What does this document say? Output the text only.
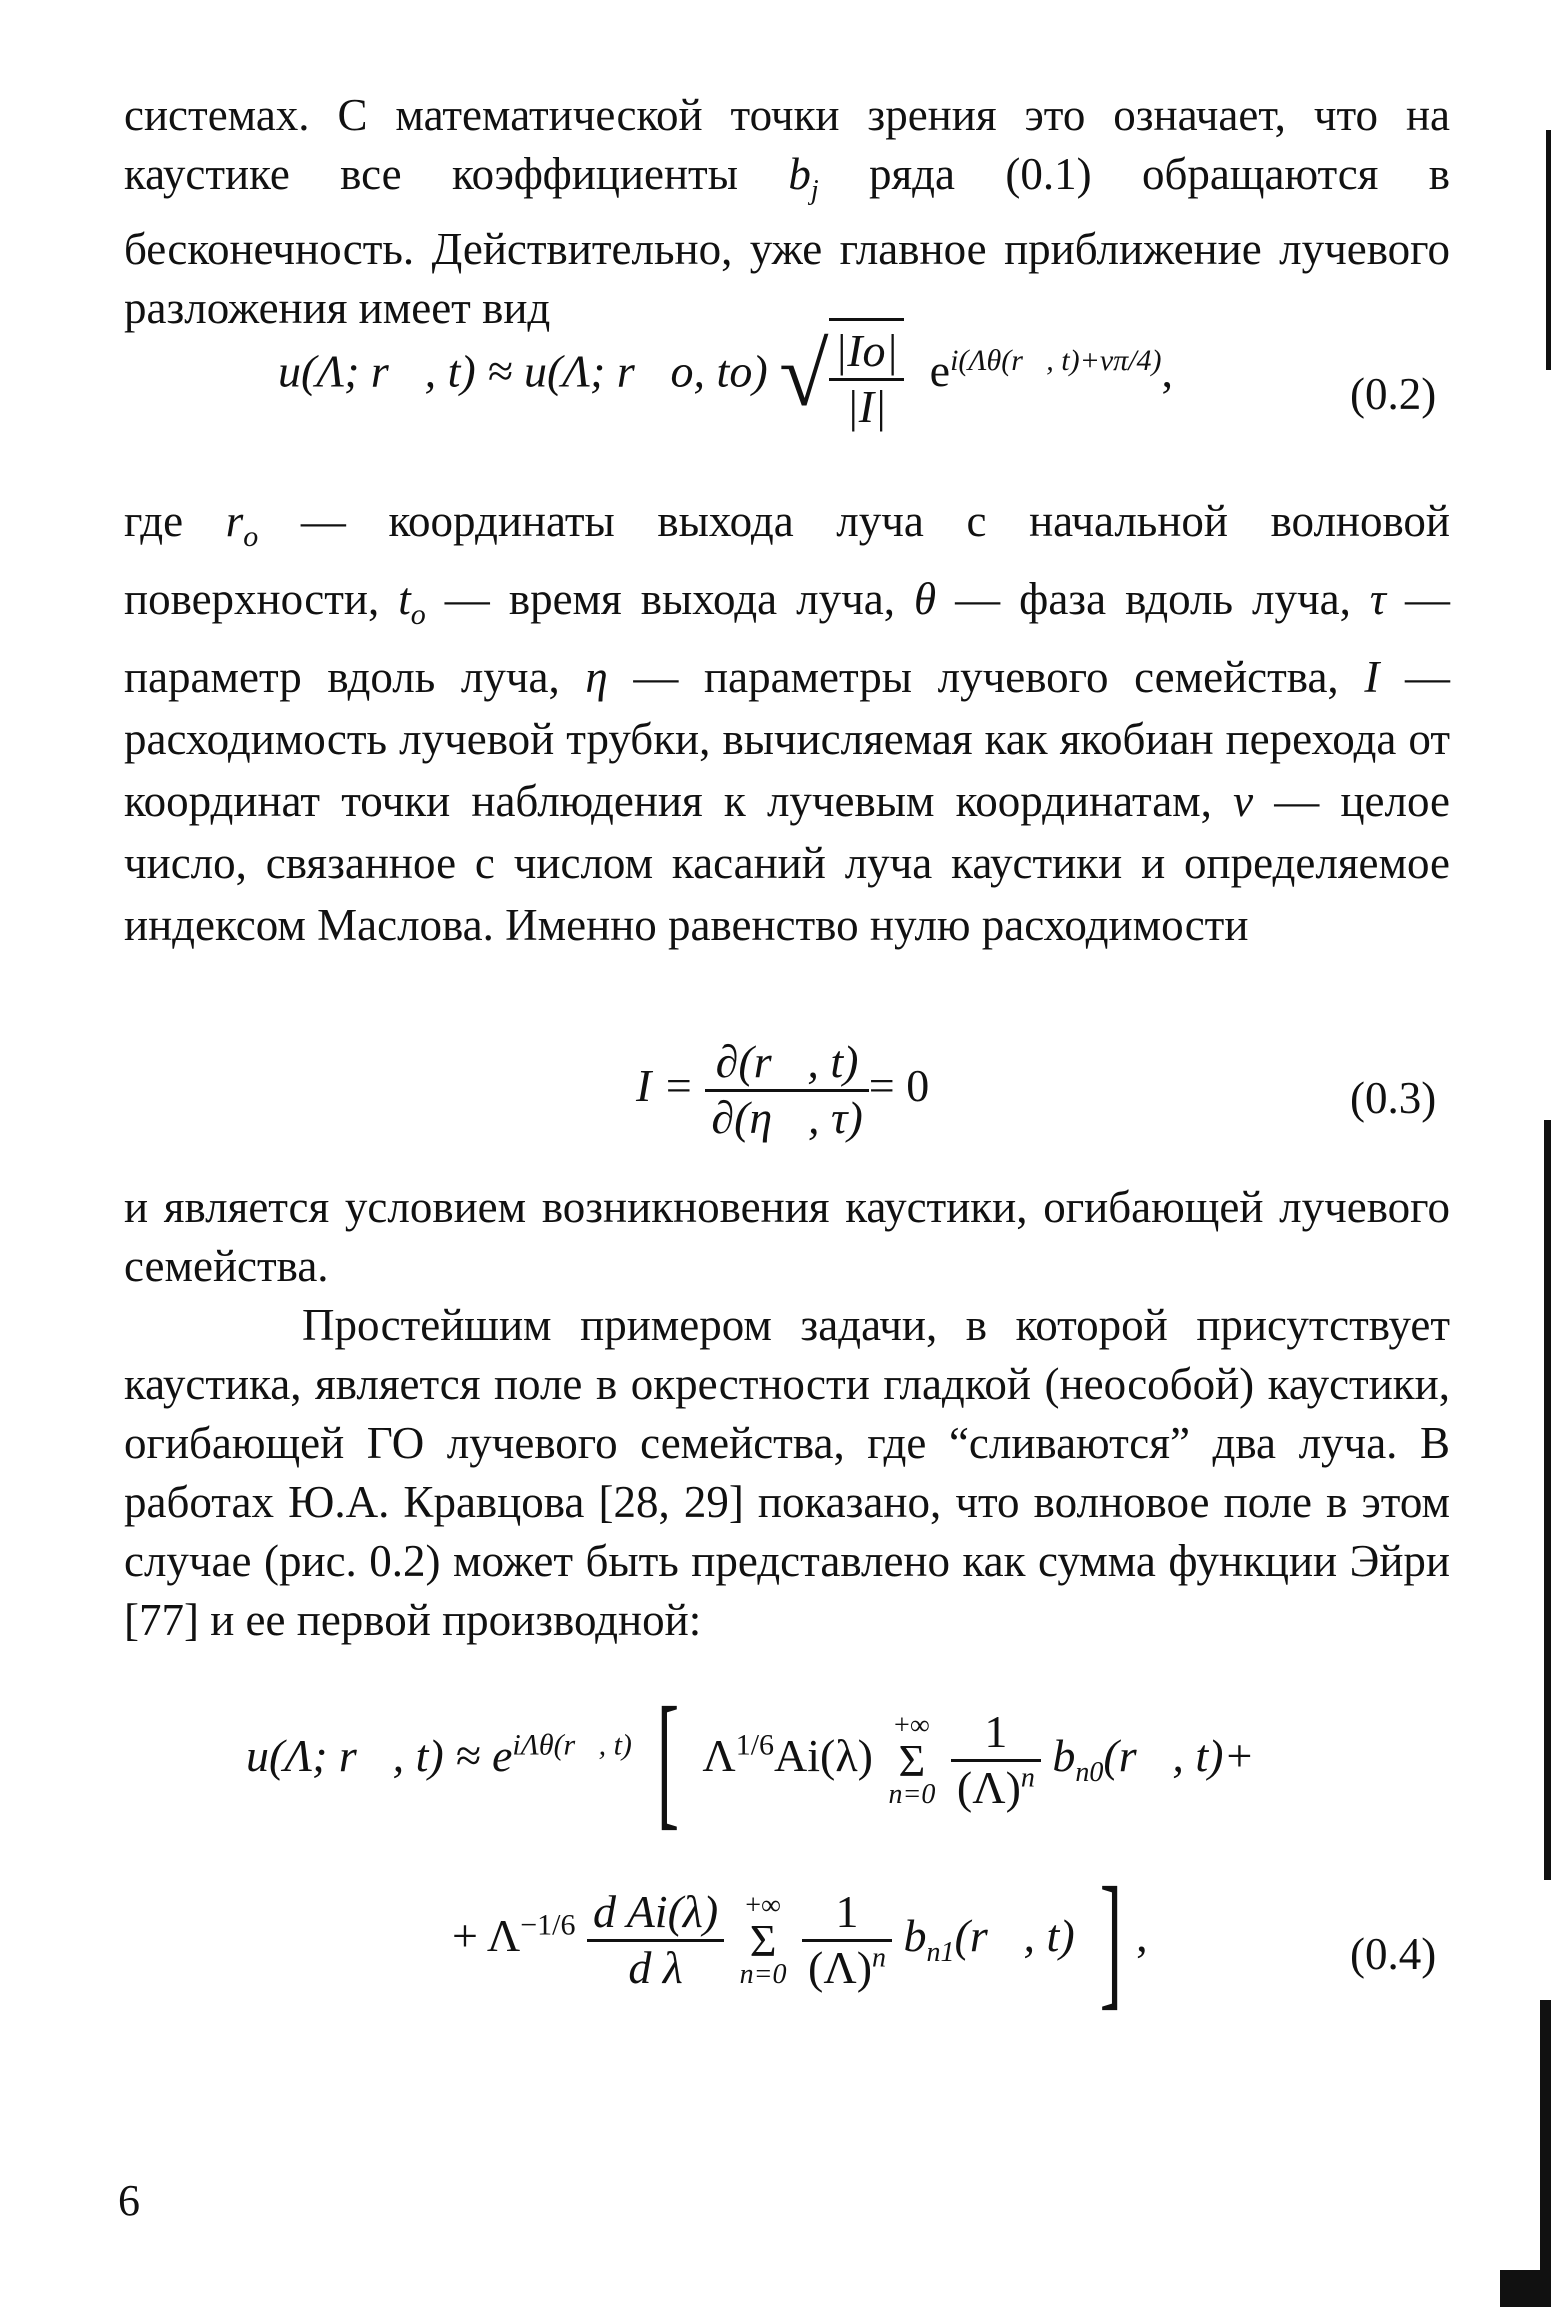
системах. С математической точки зрения это означает, что на каустике все коэффициенты $b_j$ ряда (0.1) обращаются в бесконечность. Действительно, уже главное приближение лучевого разложения имеет вид

u(Λ; r⃗, t) ≈ u(Λ; r⃗o, to) √ $\frac{|Io|}{|I|} e^{i(\Lambda\theta(r⃗, t)+\nu\pi/4)}$,	(0.2)

где $r_o$ — координаты выхода луча с начальной волновой поверхности, $t_o$ — время выхода луча, θ — фаза вдоль луча, τ — параметр вдоль луча, η — параметры лучевого семейства, I — расходимость лучевой трубки, вычисляемая как якобиан перехода от координат точки наблюдения к лучевым координатам, ν — целое число, связанное с числом касаний луча каустики и определяемое индексом Маслова. Именно равенство нулю расходимости

$I = \frac{\partial(r⃗, t)}{\partial(\eta⃗, \tau)} = 0$	(0.3)

и является условием возникновения каустики, огибающей лучевого семейства.

Простейшим примером задачи, в которой присутствует каустика, является поле в окрестности гладкой (неособой) каустики, огибающей ГО лучевого семейства, где “сливаются” два луча. В работах Ю.А. Кравцова [28, 29] показано, что волновое поле в этом случае (рис. 0.2) может быть представлено как сумма функции Эйри [77] и ее первой производной:

u(Λ; r⃗, $t) \approx e^{i\Lambda\theta(r⃗, t)}$ [ $\Lambda^{1/6}Ai(\lambda)$ +∞
Σ
$n=0 \frac{1}{(\Lambda)^n}$ $b_{n0}(r⃗$, t)+
+ $\Lambda^{-1/6} \frac{\text{d Ai(λ)}}{\text{d λ}}$ +∞
Σ
$n=0 \frac{1}{(\Lambda)^n}$ $b_{n1}(r⃗$, t) ] ,	(0.4)
6
